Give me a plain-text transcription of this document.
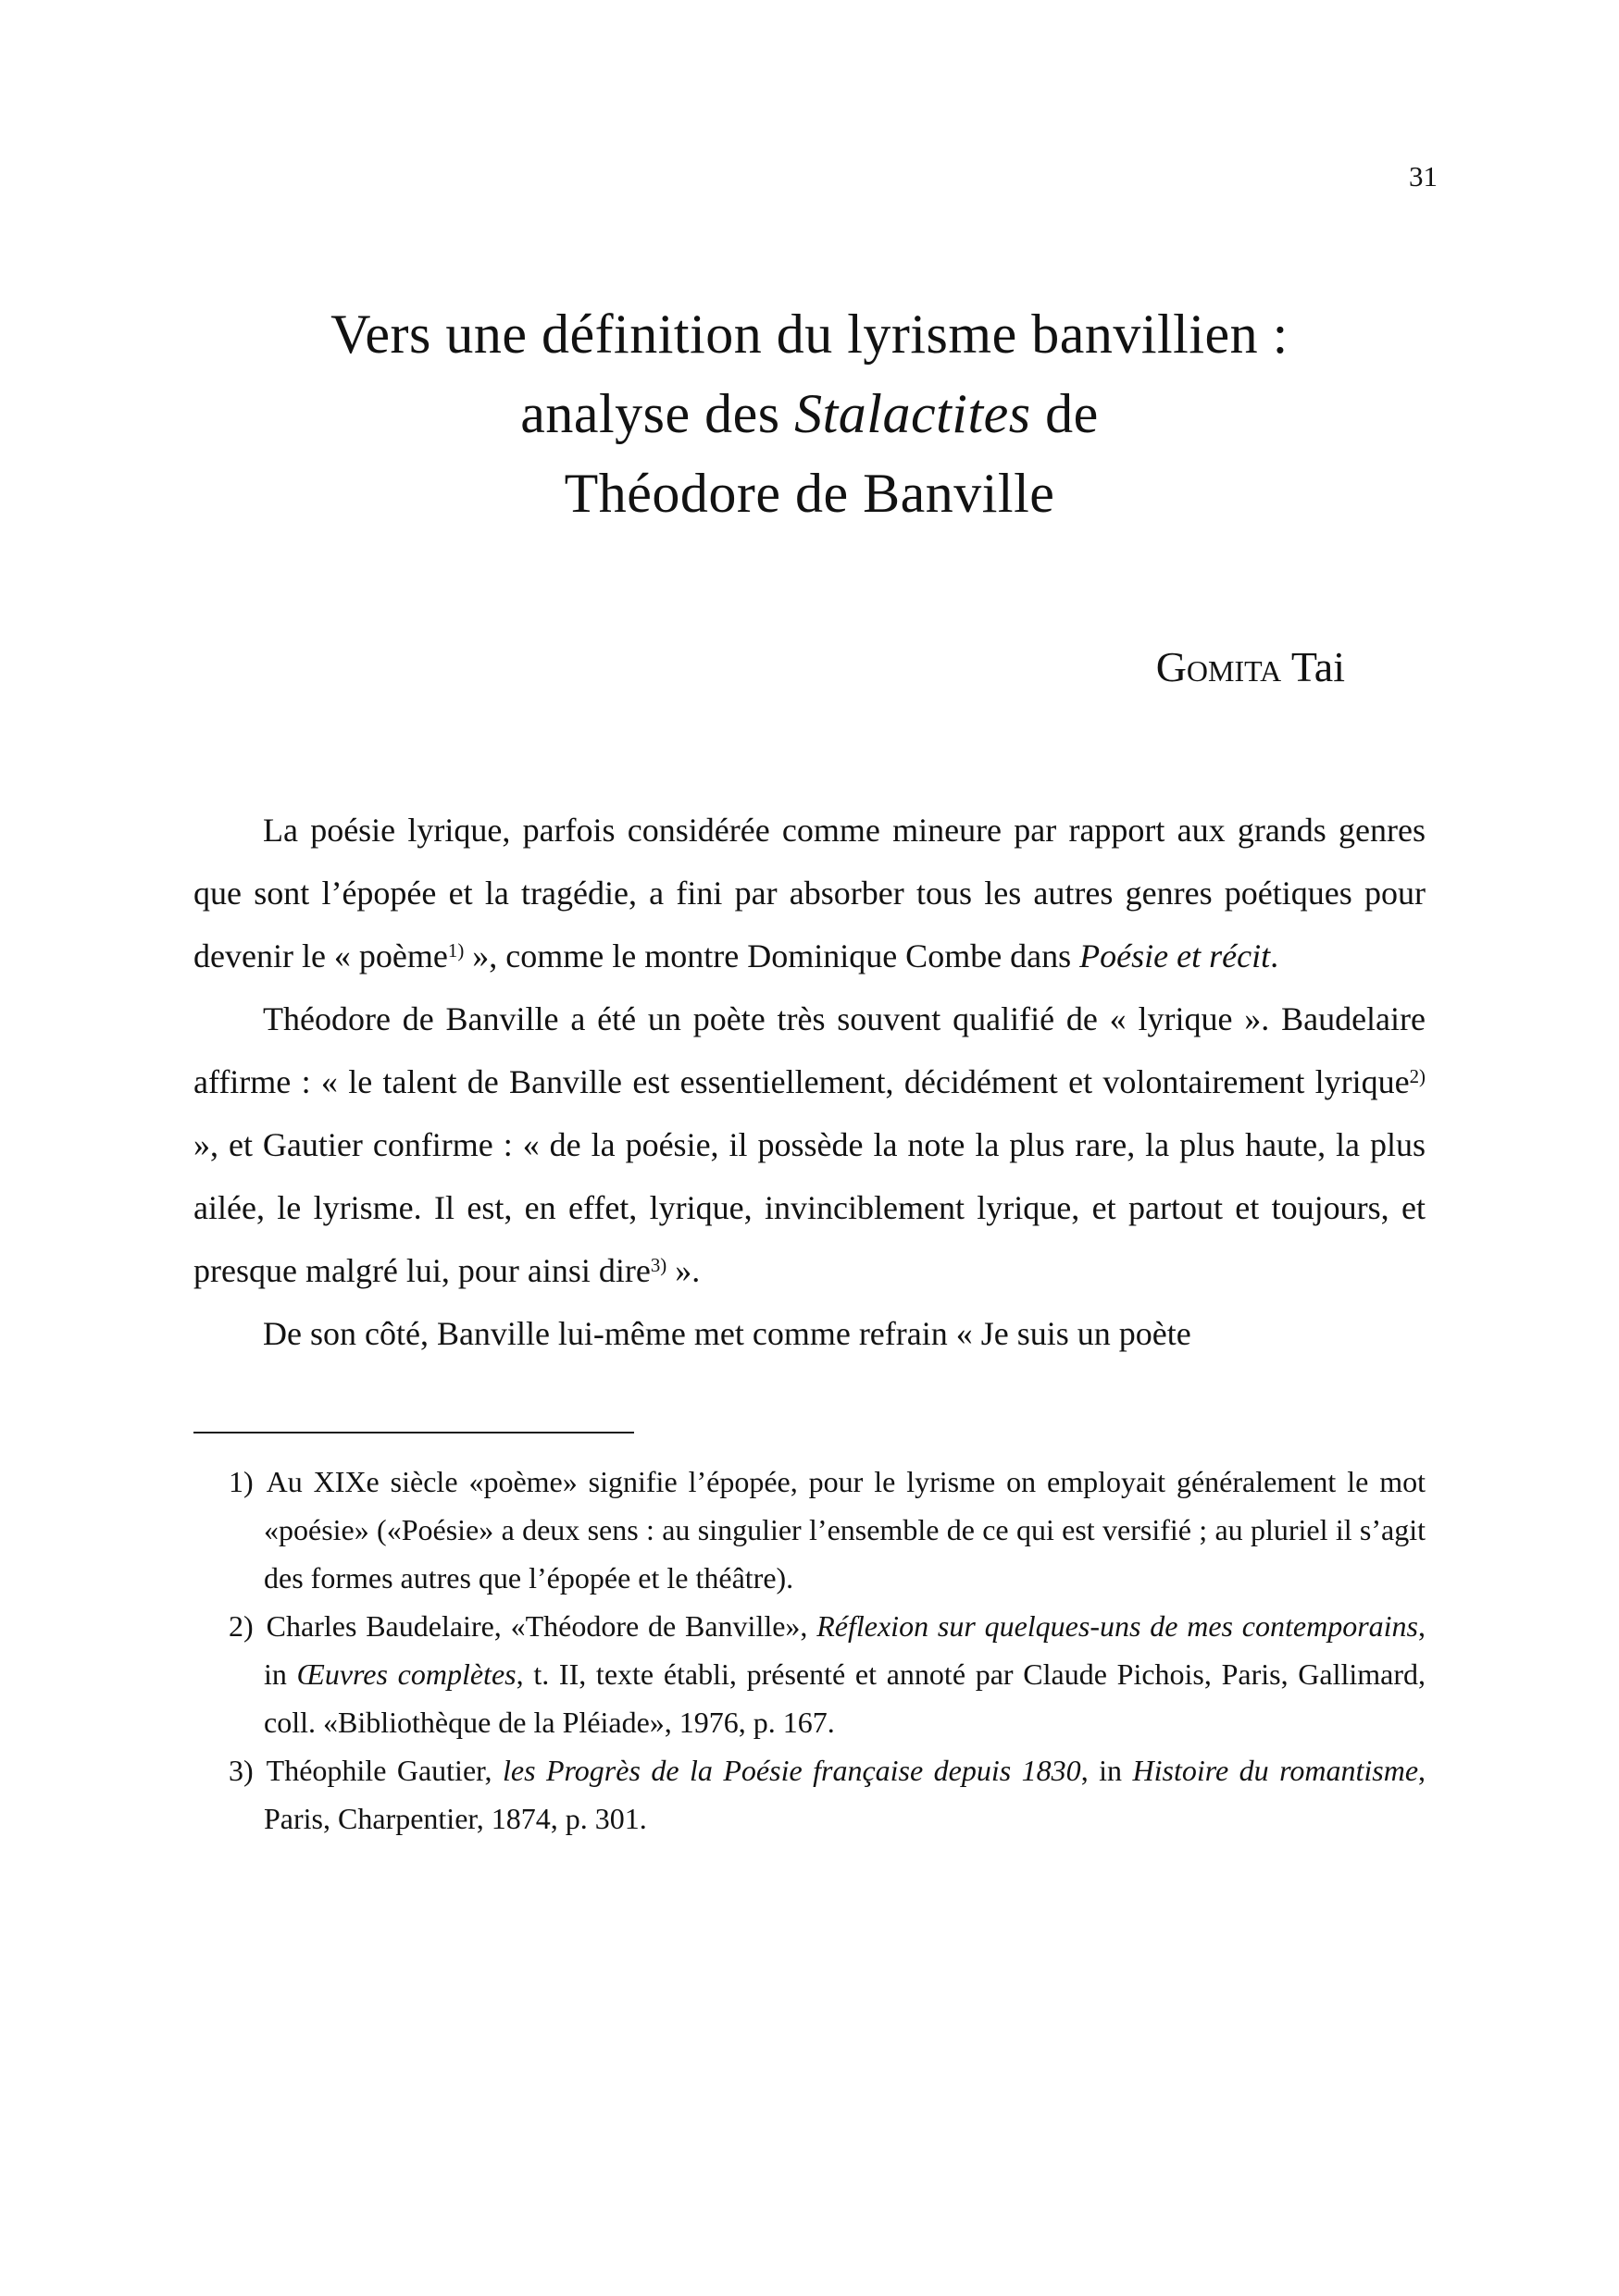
31
Vers une définition du lyrisme banvillien :
analyse des Stalactites de
Théodore de Banville
Gomita Tai

La poésie lyrique, parfois considérée comme mineure par rapport aux grands genres que sont l’épopée et la tragédie, a fini par absorber tous les autres genres poétiques pour devenir le « poème$^{1)}$ », comme le montre Dominique Combe dans Poésie et récit.

Théodore de Banville a été un poète très souvent qualifié de « lyrique ». Baudelaire affirme : « le talent de Banville est essentiellement, décidément et volontairement lyrique$^{2)}$ », et Gautier confirme : « de la poésie, il possède la note la plus rare, la plus haute, la plus ailée, le lyrisme. Il est, en effet, lyrique, invinciblement lyrique, et partout et toujours, et presque malgré lui, pour ainsi dire$^{3)}$ ».

De son côté, Banville lui-même met comme refrain « Je suis un poète

1) Au XIXe siècle «poème» signifie l’épopée, pour le lyrisme on employait généralement le mot «poésie» («Poésie» a deux sens : au singulier l’ensemble de ce qui est versifié ; au pluriel il s’agit des formes autres que l’épopée et le théâtre).
2) Charles Baudelaire, «Théodore de Banville», Réflexion sur quelques-uns de mes contemporains, in Œuvres complètes, t. II, texte établi, présenté et annoté par Claude Pichois, Paris, Gallimard, coll. «Bibliothèque de la Pléiade», 1976, p. 167.
3) Théophile Gautier, les Progrès de la Poésie française depuis 1830, in Histoire du romantisme, Paris, Charpentier, 1874, p. 301.
